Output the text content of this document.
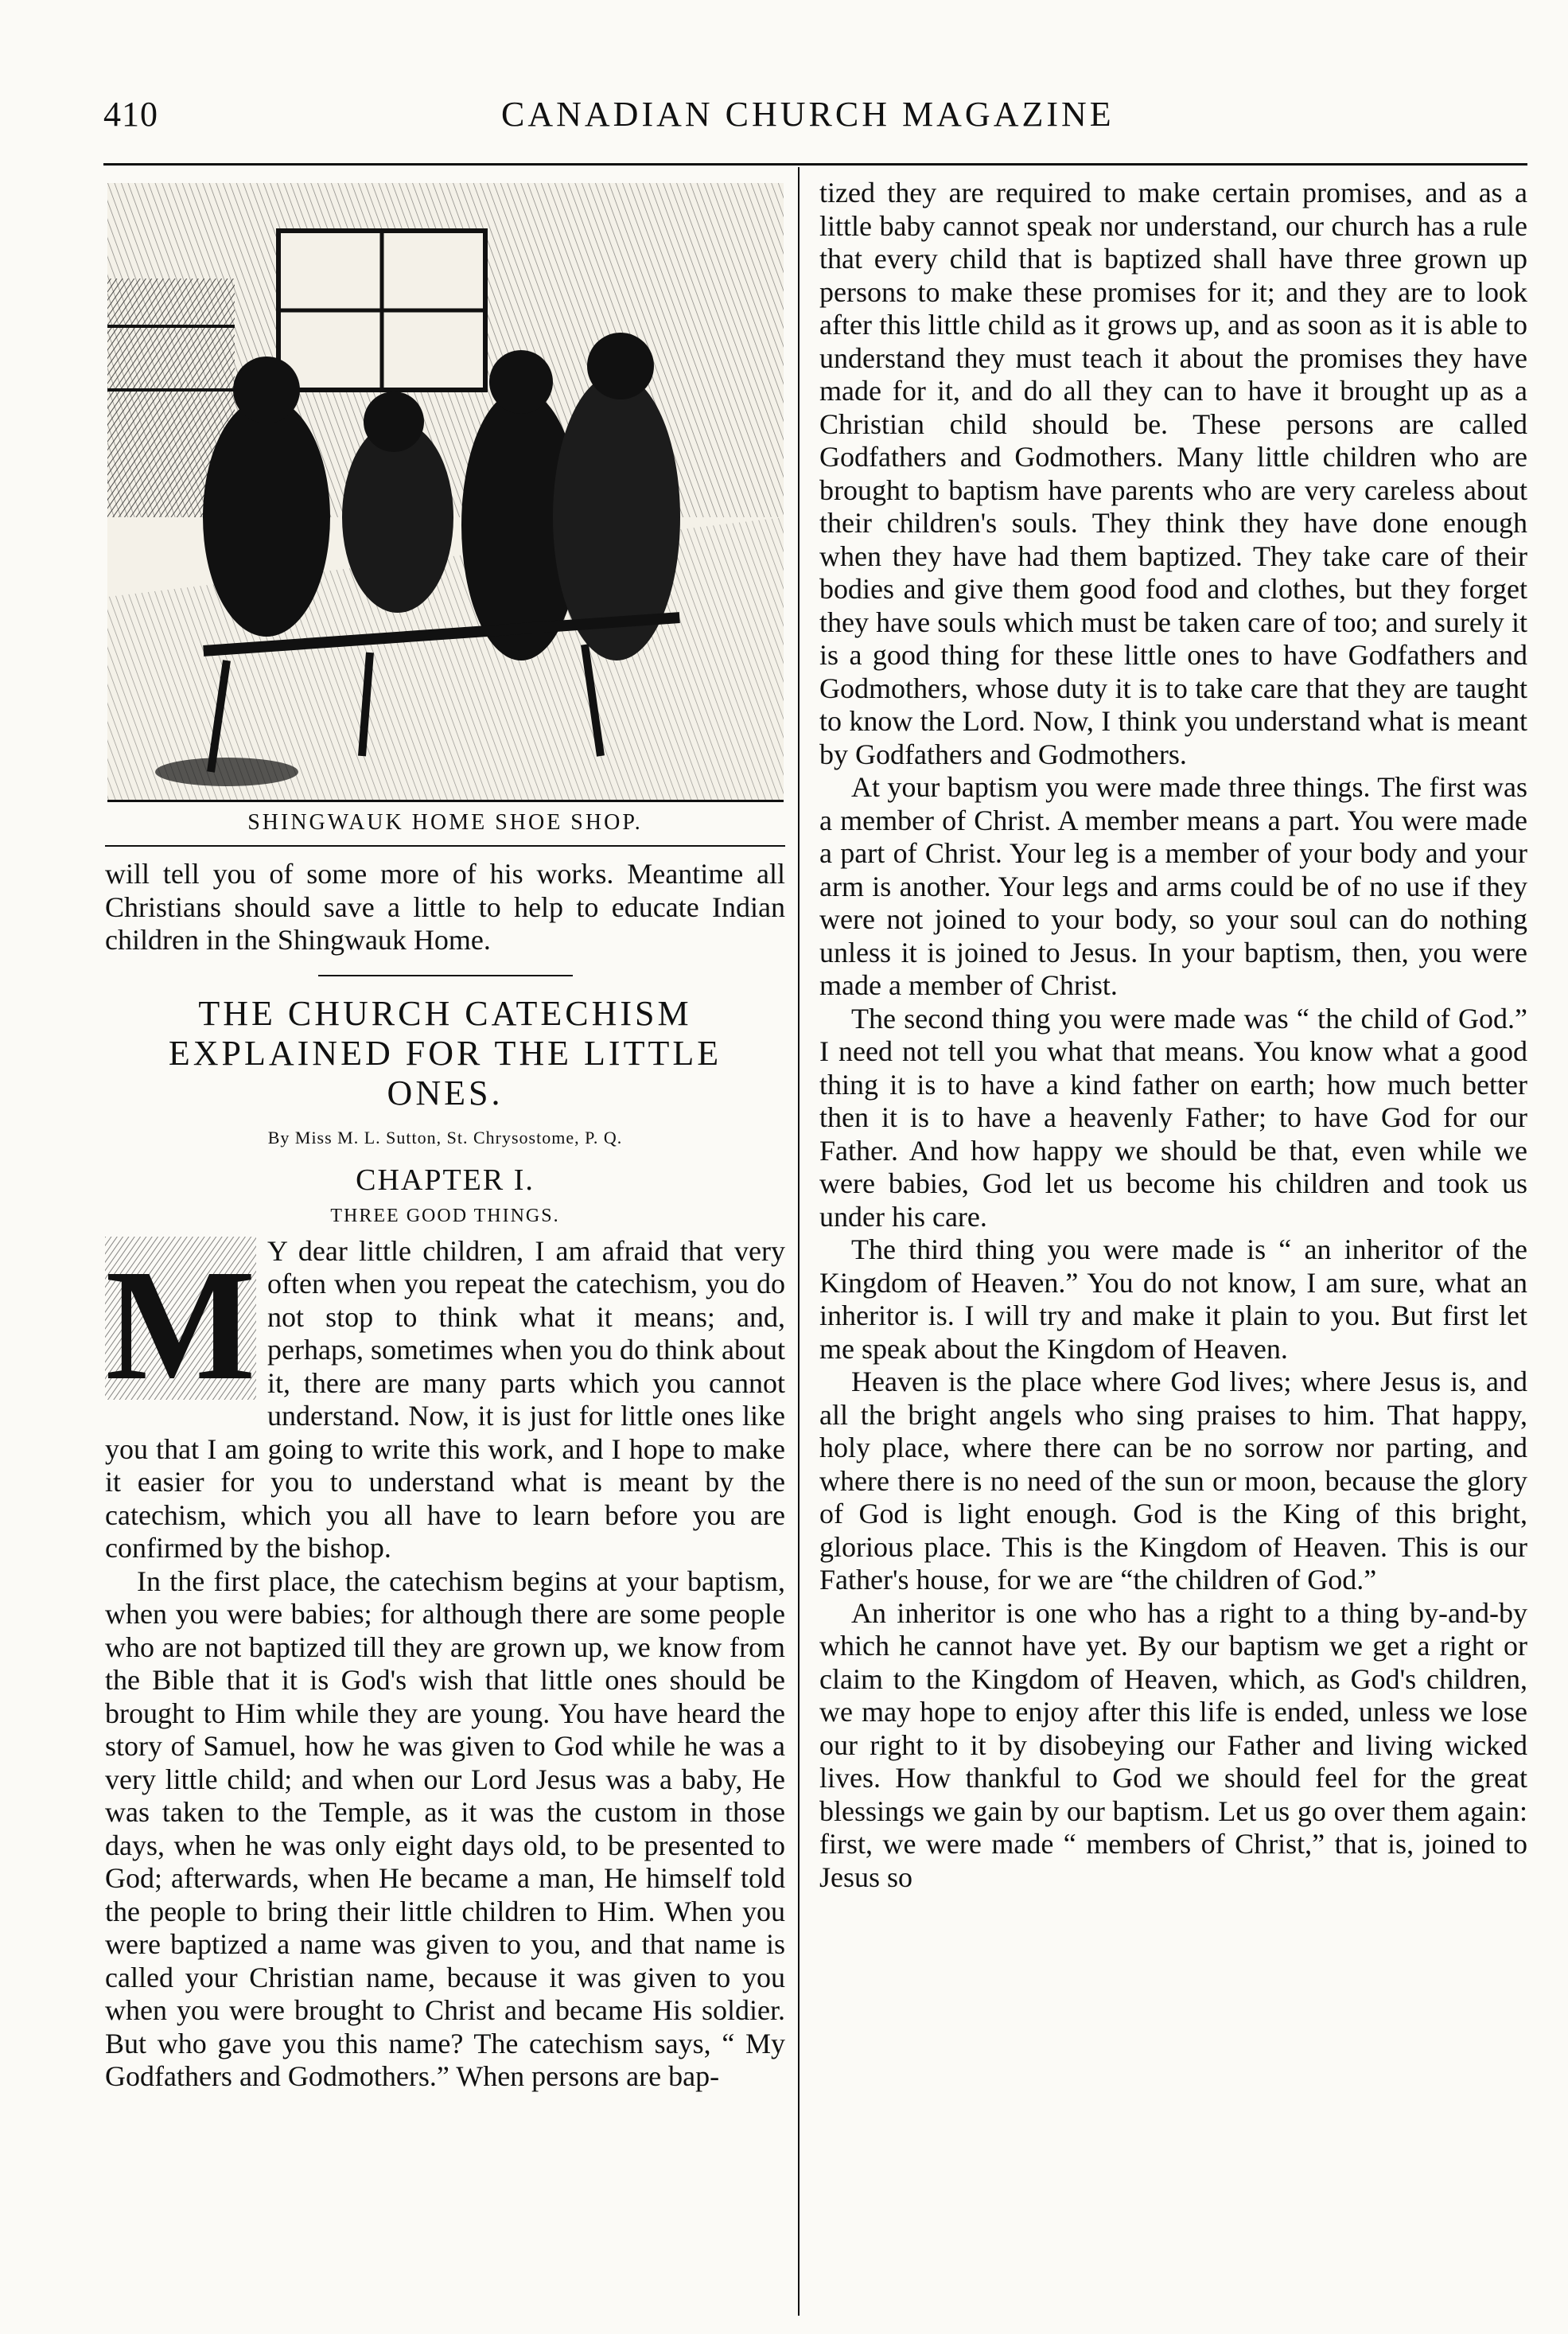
410	CANADIAN CHURCH MAGAZINE
SHINGWAUK HOME SHOE SHOP.

will tell you of some more of his works. Meantime all Christians should save a little to help to educate Indian children in the Shingwauk Home.

THE CHURCH CATECHISM EXPLAINED FOR THE LITTLE ONES.
By Miss M. L. Sutton, St. Chrysostome, P. Q.
CHAPTER I.
THREE GOOD THINGS.
M Y dear little children, I am afraid that very often when you repeat the catechism, you do not stop to think what it means; and, perhaps, sometimes when you do think about it, there are many parts which you cannot understand. Now, it is just for little ones like you that I am going to write this work, and I hope to make it easier for you to understand what is meant by the catechism, which you all have to learn before you are confirmed by the bishop.

In the first place, the catechism begins at your baptism, when you were babies; for although there are some people who are not baptized till they are grown up, we know from the Bible that it is God's wish that little ones should be brought to Him while they are young. You have heard the story of Samuel, how he was given to God while he was a very little child; and when our Lord Jesus was a baby, He was taken to the Temple, as it was the custom in those days, when he was only eight days old, to be presented to God; afterwards, when He became a man, He himself told the people to bring their little children to Him. When you were baptized a name was given to you, and that name is called your Christian name, because it was given to you when you were brought to Christ and became His soldier. But who gave you this name? The catechism says, “ My Godfathers and Godmothers.” When persons are bap-

tized they are required to make certain promises, and as a little baby cannot speak nor understand, our church has a rule that every child that is baptized shall have three grown up persons to make these promises for it; and they are to look after this little child as it grows up, and as soon as it is able to understand they must teach it about the promises they have made for it, and do all they can to have it brought up as a Christian child should be. These persons are called Godfathers and Godmothers. Many little children who are brought to baptism have parents who are very careless about their children's souls. They think they have done enough when they have had them baptized. They take care of their bodies and give them good food and clothes, but they forget they have souls which must be taken care of too; and surely it is a good thing for these little ones to have Godfathers and Godmothers, whose duty it is to take care that they are taught to know the Lord. Now, I think you understand what is meant by Godfathers and Godmothers.

At your baptism you were made three things. The first was a member of Christ. A member means a part. You were made a part of Christ. Your leg is a member of your body and your arm is another. Your legs and arms could be of no use if they were not joined to your body, so your soul can do nothing unless it is joined to Jesus. In your baptism, then, you were made a member of Christ.

The second thing you were made was “ the child of God.” I need not tell you what that means. You know what a good thing it is to have a kind father on earth; how much better then it is to have a heavenly Father; to have God for our Father. And how happy we should be that, even while we were babies, God let us become his children and took us under his care.

The third thing you were made is “ an inheritor of the Kingdom of Heaven.” You do not know, I am sure, what an inheritor is. I will try and make it plain to you. But first let me speak about the Kingdom of Heaven.

Heaven is the place where God lives; where Jesus is, and all the bright angels who sing praises to him. That happy, holy place, where there can be no sorrow nor parting, and where there is no need of the sun or moon, because the glory of God is light enough. God is the King of this bright, glorious place. This is the Kingdom of Heaven. This is our Father's house, for we are “the children of God.”

An inheritor is one who has a right to a thing by-and-by which he cannot have yet. By our baptism we get a right or claim to the Kingdom of Heaven, which, as God's children, we may hope to enjoy after this life is ended, unless we lose our right to it by disobeying our Father and living wicked lives. How thankful to God we should feel for the great blessings we gain by our baptism. Let us go over them again: first, we were made “ members of Christ,” that is, joined to Jesus so
